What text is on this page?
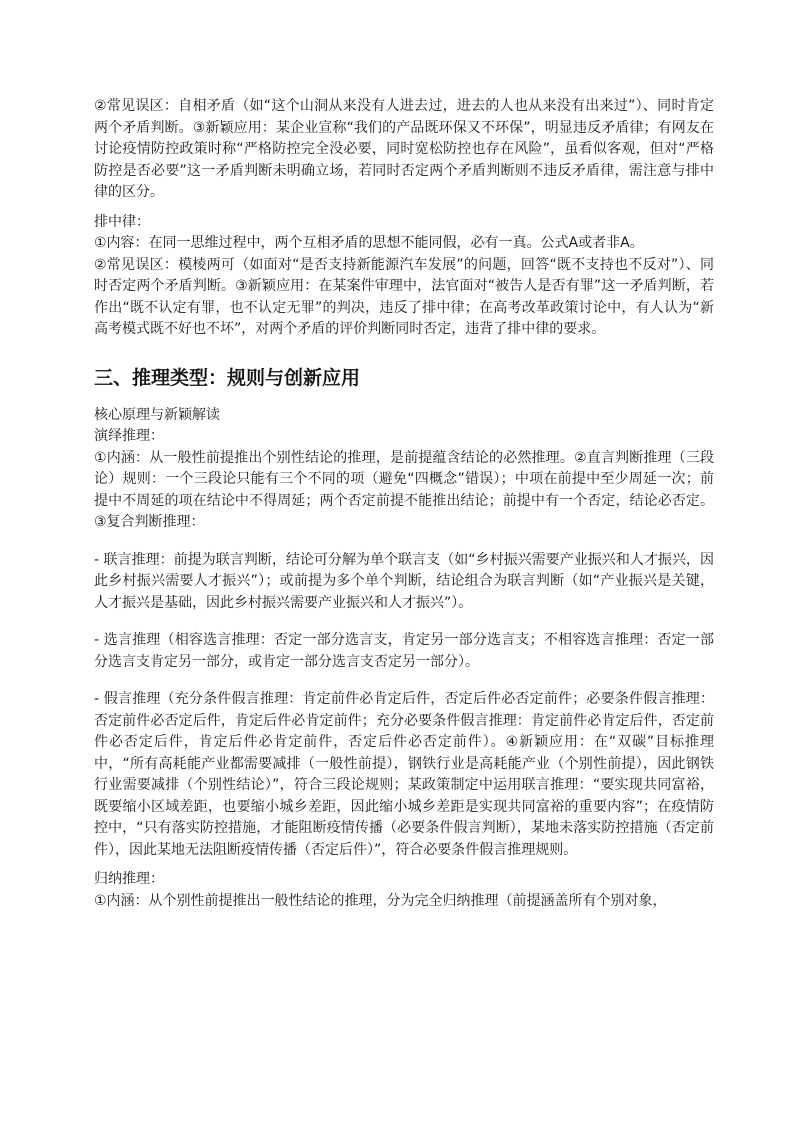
②常见误区：自相矛盾（如“这个山洞从来没有人进去过，进去的人也从来没有出来过”）、同时肯定两个矛盾判断。③新颖应用：某企业宣称“我们的产品既环保又不环保”，明显违反矛盾律；有网友在讨论疫情防控政策时称“严格防控完全没必要，同时宽松防控也存在风险”，虽看似客观，但对“严格防控是否必要”这一矛盾判断未明确立场，若同时否定两个矛盾判断则不违反矛盾律，需注意与排中律的区分。

排中律：

①内容：在同一思维过程中，两个互相矛盾的思想不能同假，必有一真。公式A或者非A。

②常见误区：模棱两可（如面对“是否支持新能源汽车发展”的问题，回答“既不支持也不反对”）、同时否定两个矛盾判断。③新颖应用：在某案件审理中，法官面对“被告人是否有罪”这一矛盾判断，若作出“既不认定有罪，也不认定无罪”的判决，违反了排中律；在高考改革政策讨论中，有人认为“新高考模式既不好也不坏”，对两个矛盾的评价判断同时否定，违背了排中律的要求。

三、推理类型：规则与创新应用

核心原理与新颖解读

演绎推理：

①内涵：从一般性前提推出个别性结论的推理，是前提蕴含结论的必然推理。②直言判断推理（三段论）规则：一个三段论只能有三个不同的项（避免“四概念”错误）；中项在前提中至少周延一次；前提中不周延的项在结论中不得周延；两个否定前提不能推出结论；前提中有一个否定，结论必否定。③复合判断推理：

- 联言推理：前提为联言判断，结论可分解为单个联言支（如“乡村振兴需要产业振兴和人才振兴，因此乡村振兴需要人才振兴”）；或前提为多个单个判断，结论组合为联言判断（如“产业振兴是关键，人才振兴是基础，因此乡村振兴需要产业振兴和人才振兴”）。

- 选言推理（相容选言推理：否定一部分选言支，肯定另一部分选言支；不相容选言推理：否定一部分选言支肯定另一部分，或肯定一部分选言支否定另一部分）。

- 假言推理（充分条件假言推理：肯定前件必肯定后件，否定后件必否定前件；必要条件假言推理：否定前件必否定后件，肯定后件必肯定前件；充分必要条件假言推理：肯定前件必肯定后件，否定前件必否定后件，肯定后件必肯定前件，否定后件必否定前件）。④新颖应用：在“双碳”目标推理中，“所有高耗能产业都需要减排（一般性前提），钢铁行业是高耗能产业（个别性前提），因此钢铁行业需要减排（个别性结论）”，符合三段论规则；某政策制定中运用联言推理：“要实现共同富裕，既要缩小区域差距，也要缩小城乡差距，因此缩小城乡差距是实现共同富裕的重要内容”；在疫情防控中，“只有落实防控措施，才能阻断疫情传播（必要条件假言判断），某地未落实防控措施（否定前件），因此某地无法阻断疫情传播（否定后件）”，符合必要条件假言推理规则。

归纳推理：

①内涵：从个别性前提推出一般性结论的推理，分为完全归纳推理（前提涵盖所有个别对象，
